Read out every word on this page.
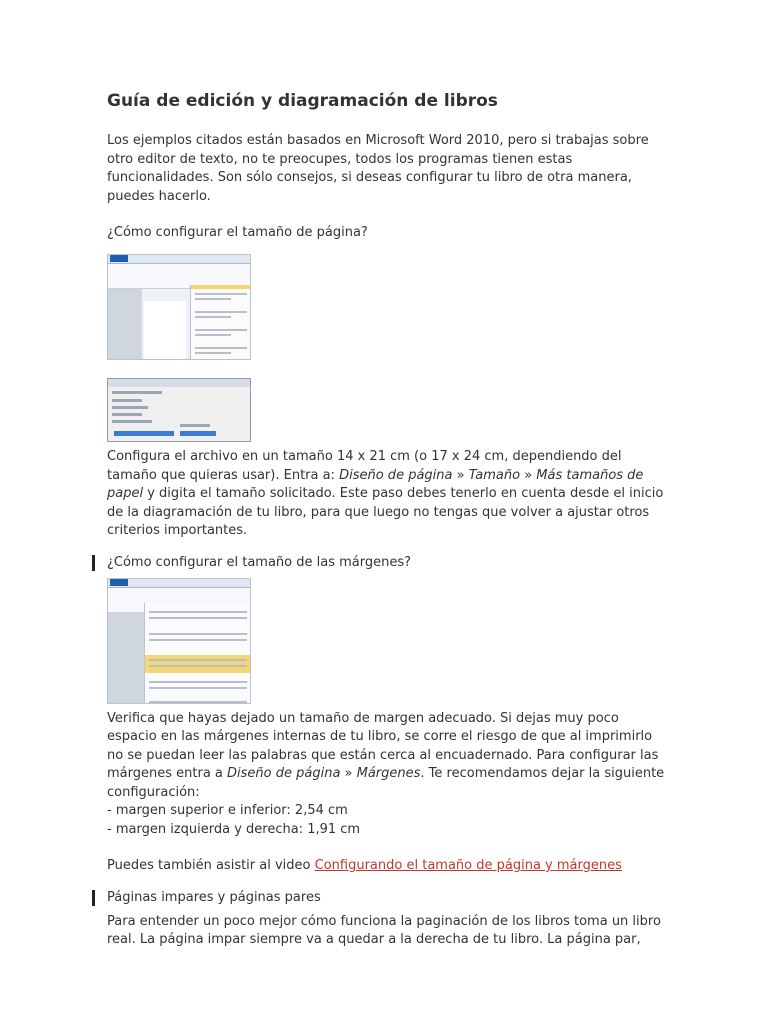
Guía de edición y diagramación de libros

Los ejemplos citados están basados en Microsoft Word 2010, pero si trabajas sobre otro editor de texto, no te preocupes, todos los programas tienen estas funcionalidades. Son sólo consejos, si deseas configurar tu libro de otra manera, puedes hacerlo.

¿Cómo configurar el tamaño de página?

Configura el archivo en un tamaño 14 x 21 cm (o 17 x 24 cm, dependiendo del tamaño que quieras usar). Entra a: Diseño de página » Tamaño » Más tamaños de papel y digita el tamaño solicitado. Este paso debes tenerlo en cuenta desde el inicio de la diagramación de tu libro, para que luego no tengas que volver a ajustar otros criterios importantes.

¿Cómo configurar el tamaño de las márgenes?

Verifica que hayas dejado un tamaño de margen adecuado. Si dejas muy poco espacio en las márgenes internas de tu libro, se corre el riesgo de que al imprimirlo no se puedan leer las palabras que están cerca al encuadernado. Para configurar las márgenes entra a Diseño de página » Márgenes. Te recomendamos dejar la siguiente configuración:

- margen superior e inferior: 2,54 cm

- margen izquierda y derecha: 1,91 cm

Puedes también asistir al video Configurando el tamaño de página y márgenes

Páginas impares y páginas pares

Para entender un poco mejor cómo funciona la paginación de los libros toma un libro real. La página impar siempre va a quedar a la derecha de tu libro. La página par,
